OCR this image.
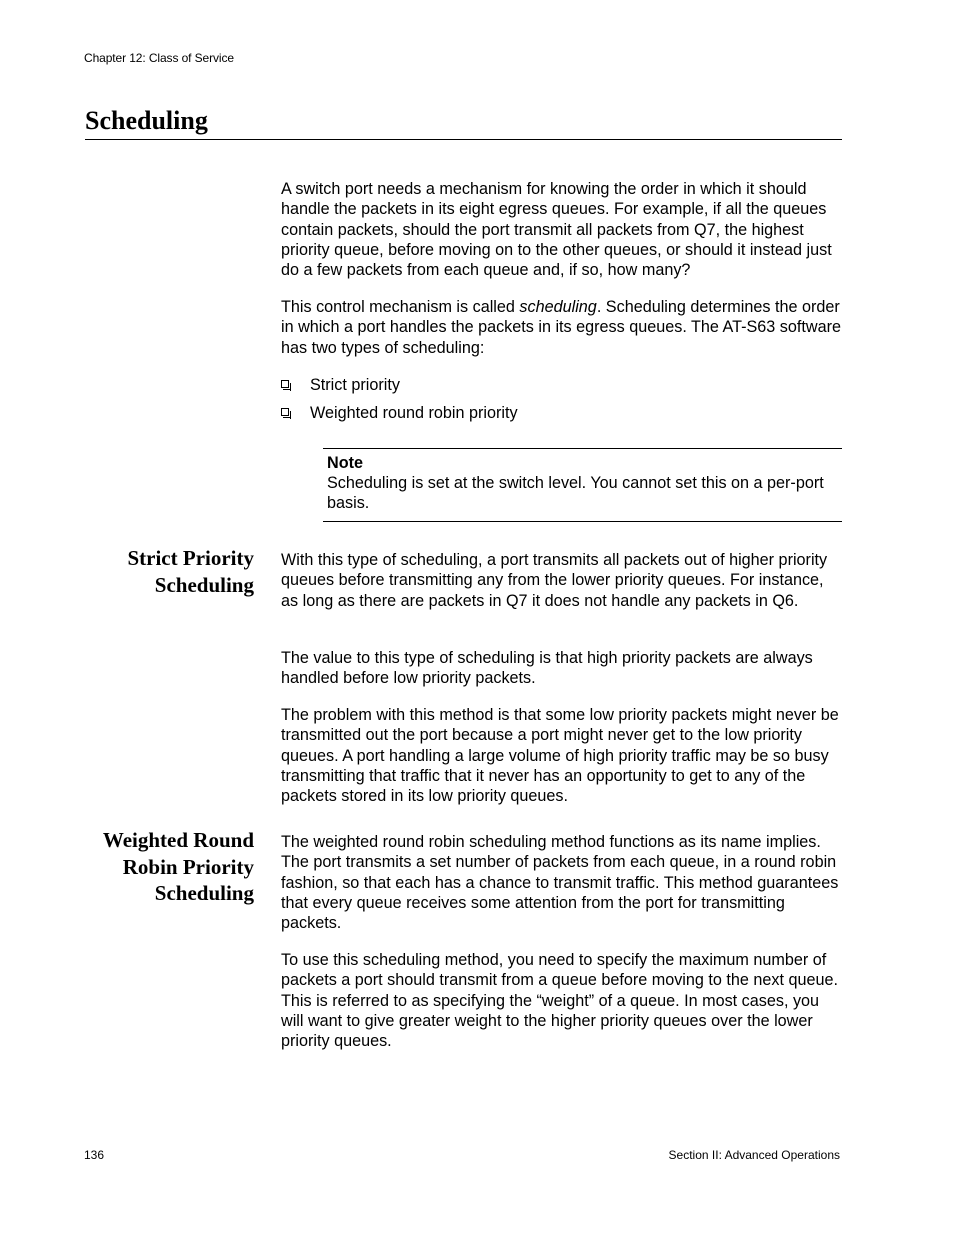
Chapter 12: Class of Service
Scheduling

A switch port needs a mechanism for knowing the order in which it should handle the packets in its eight egress queues. For example, if all the queues contain packets, should the port transmit all packets from Q7, the highest priority queue, before moving on to the other queues, or should it instead just do a few packets from each queue and, if so, how many?

This control mechanism is called scheduling. Scheduling determines the order in which a port handles the packets in its egress queues. The AT-S63 software has two types of scheduling:

Strict priority
Weighted round robin priority
Note

Scheduling is set at the switch level. You cannot set this on a per-port basis.

Strict Priority
Scheduling

With this type of scheduling, a port transmits all packets out of higher priority queues before transmitting any from the lower priority queues. For instance, as long as there are packets in Q7 it does not handle any packets in Q6.

The value to this type of scheduling is that high priority packets are always handled before low priority packets.

The problem with this method is that some low priority packets might never be transmitted out the port because a port might never get to the low priority queues. A port handling a large volume of high priority traffic may be so busy transmitting that traffic that it never has an opportunity to get to any of the packets stored in its low priority queues.

Weighted Round
Robin Priority
Scheduling

The weighted round robin scheduling method functions as its name implies. The port transmits a set number of packets from each queue, in a round robin fashion, so that each has a chance to transmit traffic. This method guarantees that every queue receives some attention from the port for transmitting packets.

To use this scheduling method, you need to specify the maximum number of packets a port should transmit from a queue before moving to the next queue. This is referred to as specifying the “weight” of a queue. In most cases, you will want to give greater weight to the higher priority queues over the lower priority queues.

136	Section II: Advanced Operations
